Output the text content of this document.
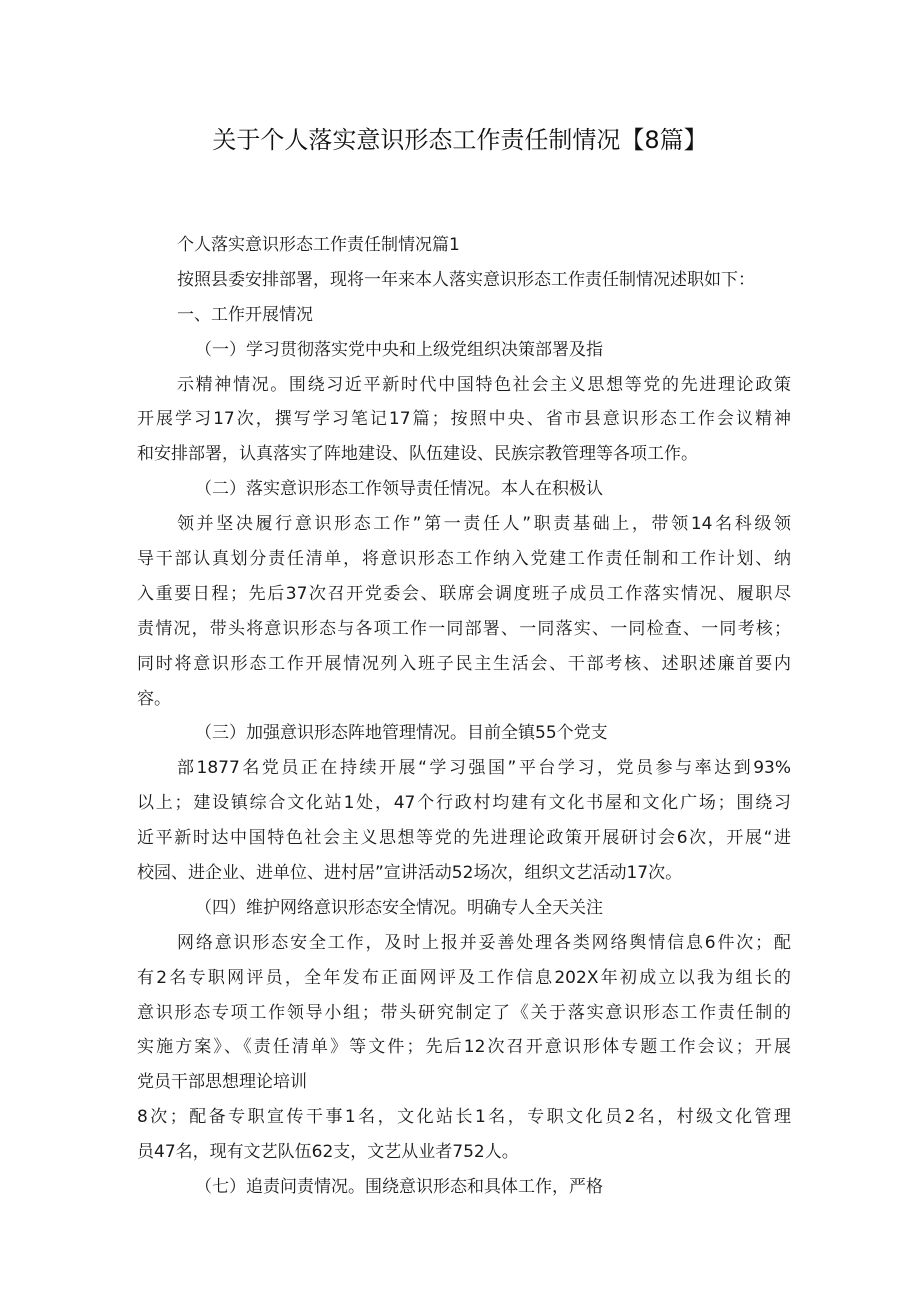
关于个人落实意识形态工作责任制情况【8篇】
个人落实意识形态工作责任制情况篇1
按照县委安排部署，现将一年来本人落实意识形态工作责任制情况述职如下：
一、工作开展情况
（一）学习贯彻落实党中央和上级党组织决策部署及指
示精神情况。围绕习近平新时代中国特色社会主义思想等党的先进理论政策
开展学习17次，撰写学习笔记17篇；按照中央、省市县意识形态工作会议精神
和安排部署，认真落实了阵地建设、队伍建设、民族宗教管理等各项工作。
（二）落实意识形态工作领导责任情况。本人在积极认
领并坚决履行意识形态工作”第一责任人”职责基础上，带领14名科级领
导干部认真划分责任清单，将意识形态工作纳入党建工作责任制和工作计划、纳
入重要日程；先后37次召开党委会、联席会调度班子成员工作落实情况、履职尽
责情况，带头将意识形态与各项工作一同部署、一同落实、一同检查、一同考核；
同时将意识形态工作开展情况列入班子民主生活会、干部考核、述职述廉首要内
容。
（三）加强意识形态阵地管理情况。目前全镇55个党支
部1877名党员正在持续开展“学习强国”平台学习，党员参与率达到93%
以上；建设镇综合文化站1处，47个行政村均建有文化书屋和文化广场；围绕习
近平新时达中国特色社会主义思想等党的先进理论政策开展研讨会6次，开展“进
校园、进企业、进单位、进村居”宣讲活动52场次，组织文艺活动17次。
（四）维护网络意识形态安全情况。明确专人全天关注
网络意识形态安全工作，及时上报并妥善处理各类网络舆情信息6件次；配
有2名专职网评员，全年发布正面网评及工作信息202X年初成立以我为组长的
意识形态专项工作领导小组；带头研究制定了《关于落实意识形态工作责任制的
实施方案》、《责任清单》等文件；先后12次召开意识形体专题工作会议；开展
党员干部思想理论培训
8次；配备专职宣传干事1名，文化站长1名，专职文化员2名，村级文化管理
员47名，现有文艺队伍62支，文艺从业者752人。
（七）追责问责情况。围绕意识形态和具体工作，严格
